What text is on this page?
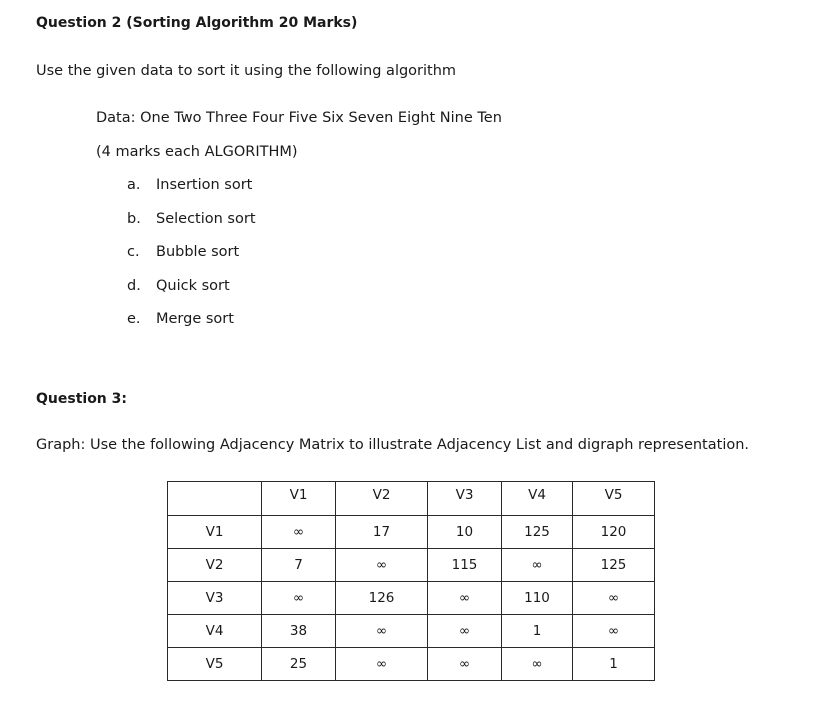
Question 2 (Sorting Algorithm 20 Marks)
Use the given data to sort it using the following algorithm
Data: One Two Three Four Five Six Seven Eight Nine Ten
(4 marks each ALGORITHM)
a.	Insertion sort
b.	Selection sort
c.	Bubble sort
d.	Quick sort
e.	Merge sort
Question 3:
Graph: Use the following Adjacency Matrix to illustrate Adjacency List and digraph representation.
	V1	V2	V3	V4	V5
V1	∞	17	10	125	120
V2	7	∞	115	∞	125
V3	∞	126	∞	110	∞
V4	38	∞	∞	1	∞
V5	25	∞	∞	∞	1
